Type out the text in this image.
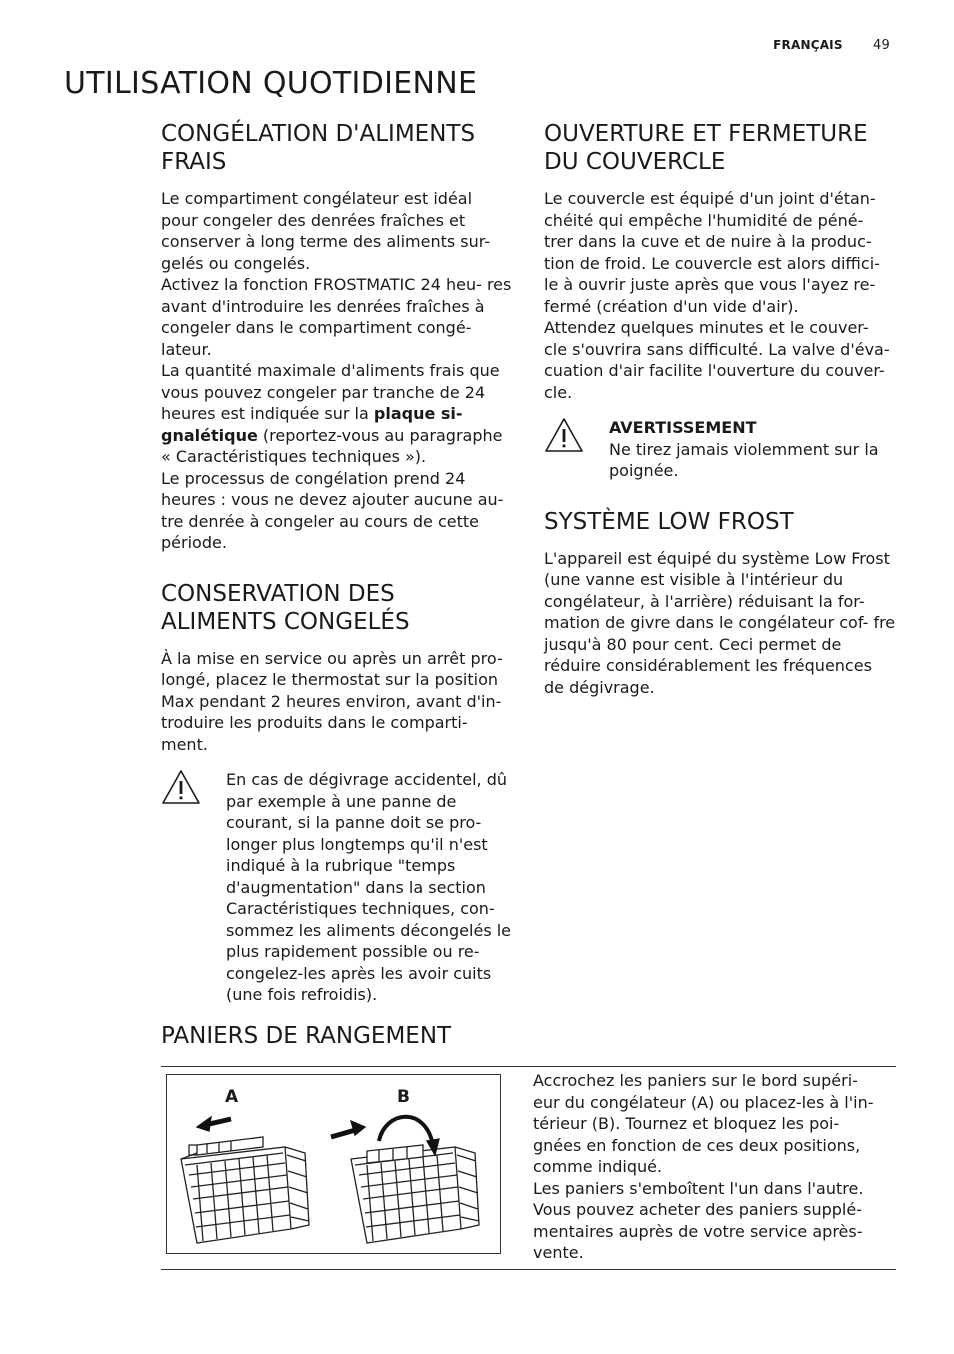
FRANÇAIS 49
UTILISATION QUOTIDIENNE
CONGÉLATION D'ALIMENTS FRAIS

Le compartiment congélateur est idéal pour congeler des denrées fraîches et conserver à long terme des aliments sur- gelés ou congelés.

Activez la fonction FROSTMATIC 24 heu- res avant d'introduire les denrées fraîches à congeler dans le compartiment congé- lateur.

La quantité maximale d'aliments frais que vous pouvez congeler par tranche de 24 heures est indiquée sur la plaque si- gnalétique (reportez-vous au paragraphe « Caractéristiques techniques »).

Le processus de congélation prend 24 heures : vous ne devez ajouter aucune au- tre denrée à congeler au cours de cette période.

CONSERVATION DES ALIMENTS CONGELÉS

À la mise en service ou après un arrêt pro- longé, placez le thermostat sur la position Max pendant 2 heures environ, avant d'in- troduire les produits dans le comparti- ment.

En cas de dégivrage accidentel, dû par exemple à une panne de courant, si la panne doit se pro- longer plus longtemps qu'il n'est indiqué à la rubrique "temps d'augmentation" dans la section Caractéristiques techniques, con- sommez les aliments décongelés le plus rapidement possible ou re- congelez-les après les avoir cuits (une fois refroidis).
OUVERTURE ET FERMETURE DU COUVERCLE

Le couvercle est équipé d'un joint d'étan- chéité qui empêche l'humidité de péné- trer dans la cuve et de nuire à la produc- tion de froid. Le couvercle est alors diffici- le à ouvrir juste après que vous l'ayez re- fermé (création d'un vide d'air).

Attendez quelques minutes et le couver- cle s'ouvrira sans difficulté. La valve d'éva- cuation d'air facilite l'ouverture du couver- cle.

AVERTISSEMENT
Ne tirez jamais violemment sur la poignée.
SYSTÈME LOW FROST

L'appareil est équipé du système Low Frost (une vanne est visible à l'intérieur du congélateur, à l'arrière) réduisant la for- mation de givre dans le congélateur cof- fre jusqu'à 80 pour cent. Ceci permet de réduire considérablement les fréquences de dégivrage.

PANIERS DE RANGEMENT
A	B

Accrochez les paniers sur le bord supéri- eur du congélateur (A) ou placez-les à l'in- térieur (B). Tournez et bloquez les poi- gnées en fonction de ces deux positions, comme indiqué.

Les paniers s'emboîtent l'un dans l'autre.

Vous pouvez acheter des paniers supplé- mentaires auprès de votre service après- vente.
